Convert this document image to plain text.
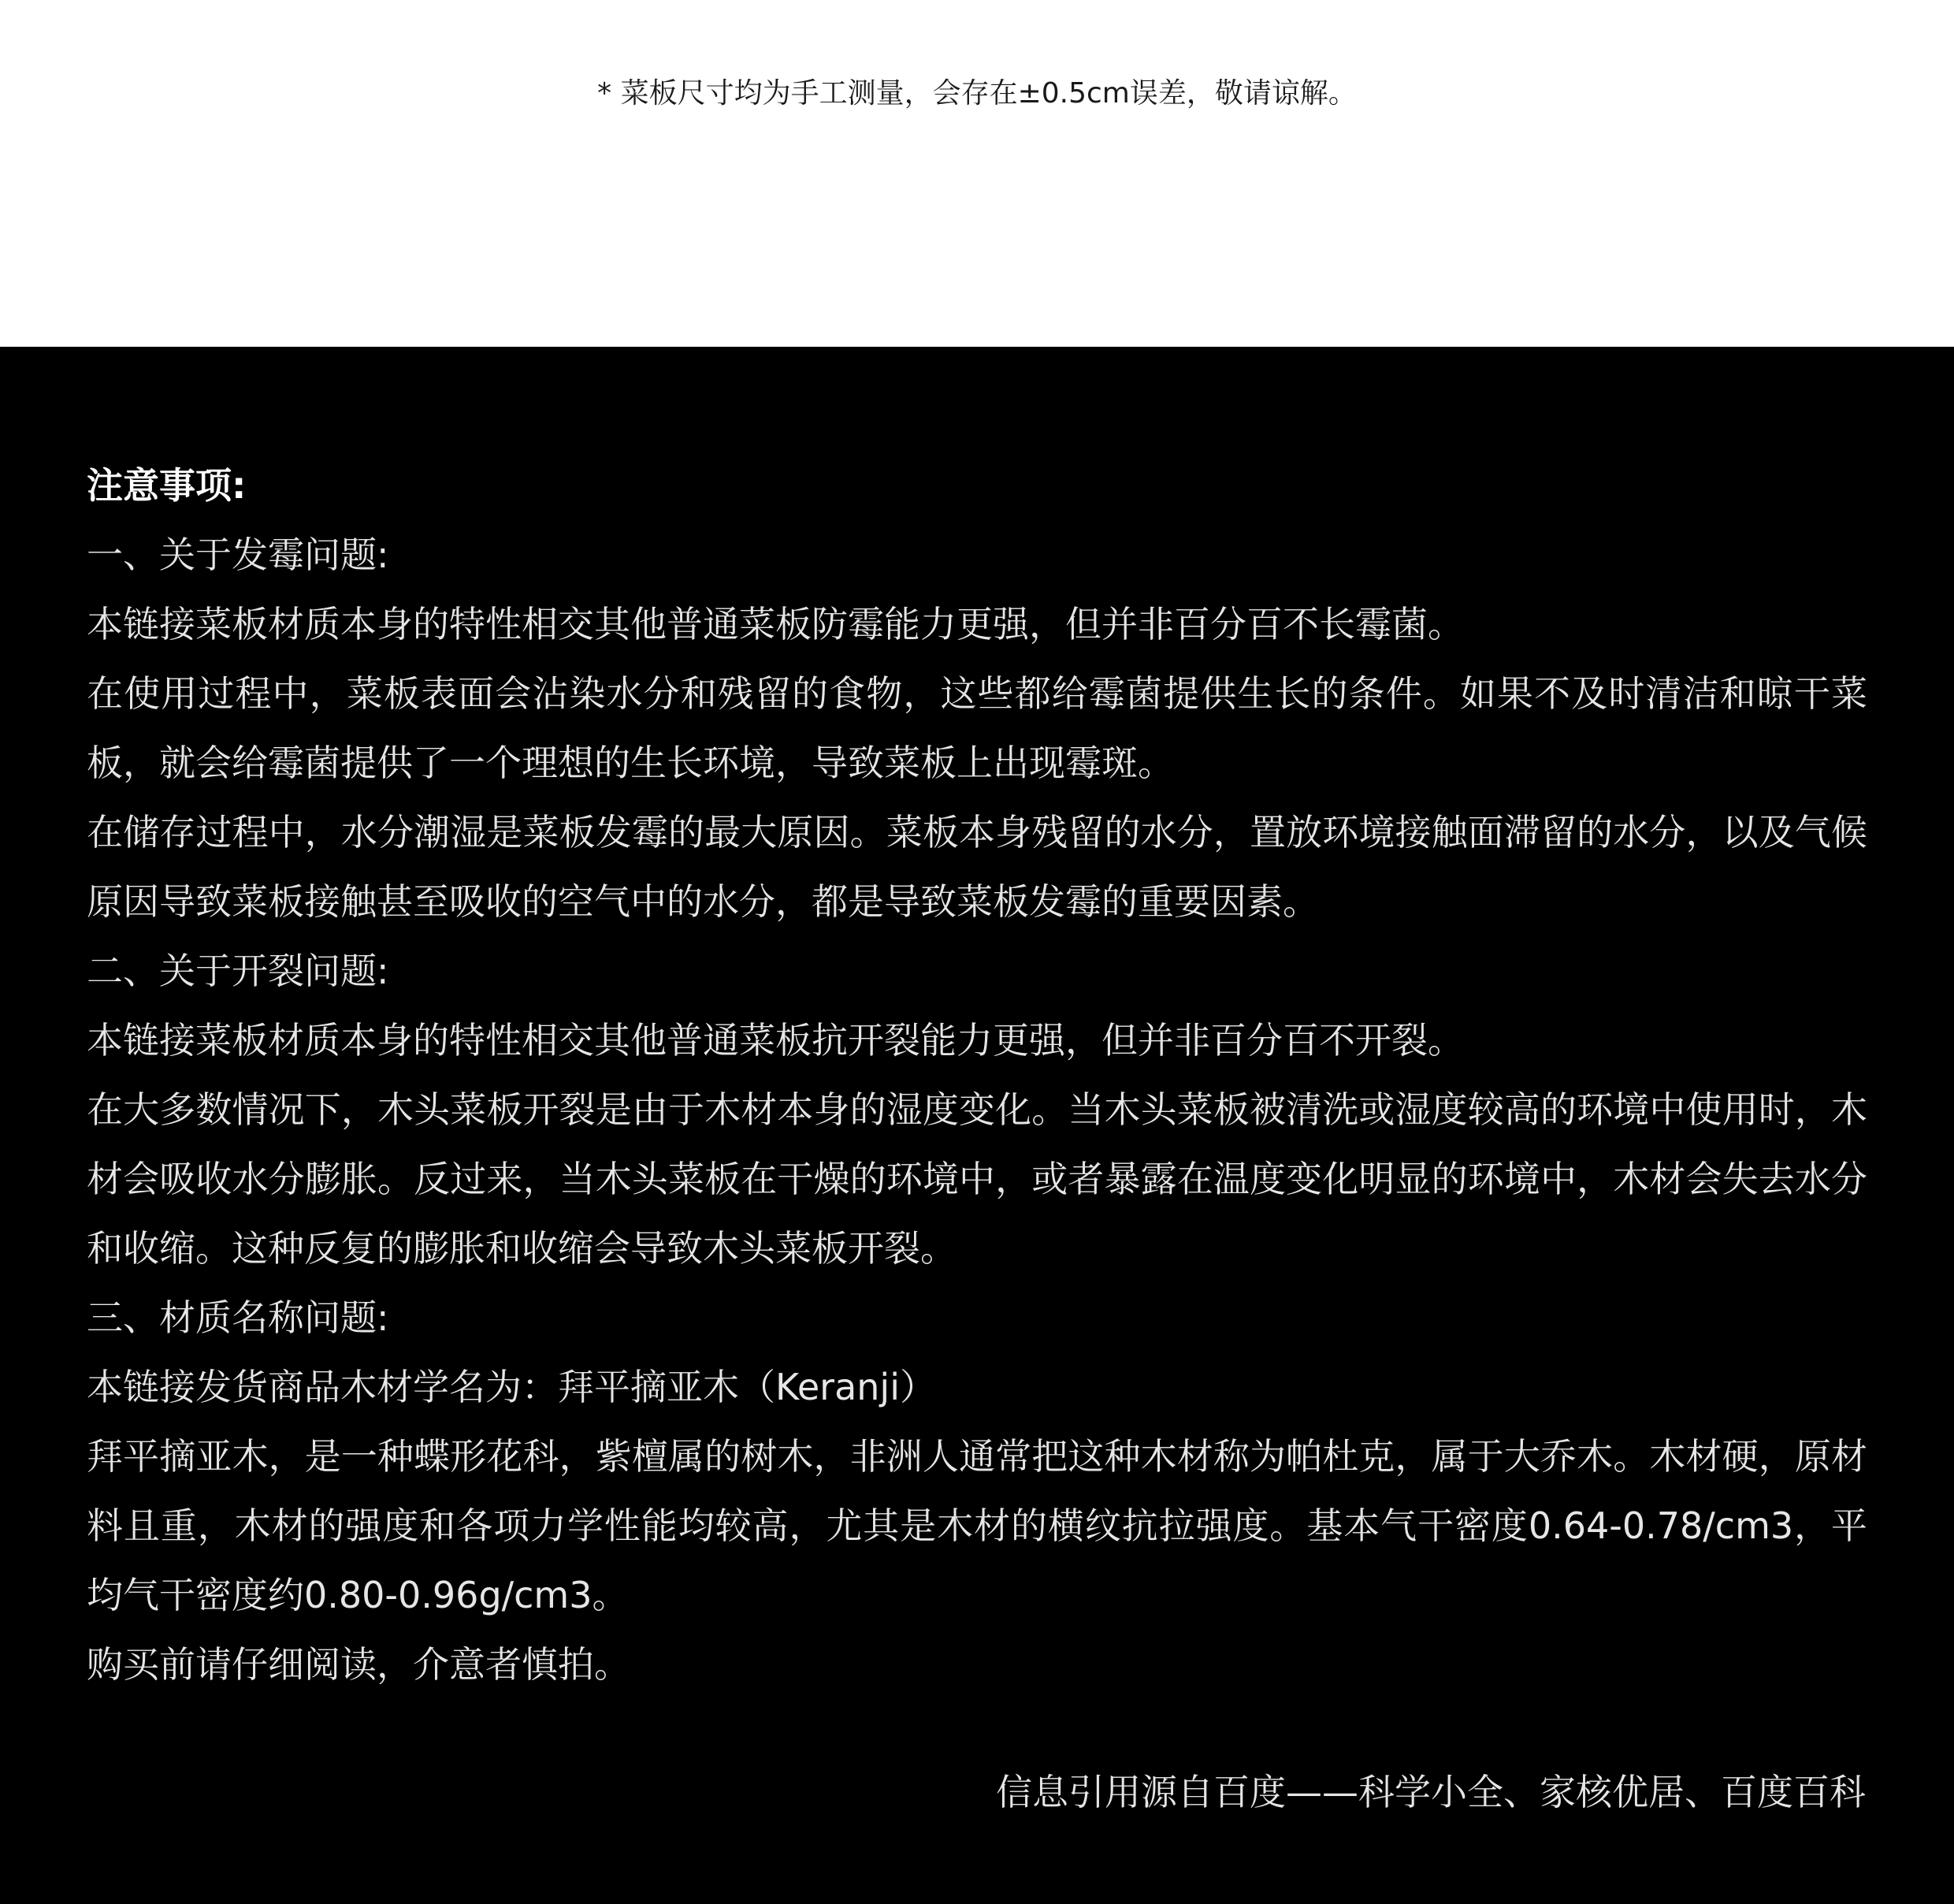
* 菜板尺寸均为手工测量，会存在±0.5cm误差，敬请谅解。
注意事项:
一、关于发霉问题:
本链接菜板材质本身的特性相交其他普通菜板防霉能力更强，但并非百分百不长霉菌。
在使用过程中，菜板表面会沾染水分和残留的食物，这些都给霉菌提供生长的条件。如果不及时清洁和晾干菜板，就会给霉菌提供了一个理想的生长环境，导致菜板上出现霉斑。
在储存过程中，水分潮湿是菜板发霉的最大原因。菜板本身残留的水分，置放环境接触面滞留的水分，以及气候原因导致菜板接触甚至吸收的空气中的水分，都是导致菜板发霉的重要因素。
二、关于开裂问题:
本链接菜板材质本身的特性相交其他普通菜板抗开裂能力更强，但并非百分百不开裂。
在大多数情况下，木头菜板开裂是由于木材本身的湿度变化。当木头菜板被清洗或湿度较高的环境中使用时，木材会吸收水分膨胀。反过来，当木头菜板在干燥的环境中，或者暴露在温度变化明显的环境中，木材会失去水分和收缩。这种反复的膨胀和收缩会导致木头菜板开裂。
三、材质名称问题:
本链接发货商品木材学名为：拜平摘亚木（Keranji）
拜平摘亚木，是一种蝶形花科，紫檀属的树木，非洲人通常把这种木材称为帕杜克，属于大乔木。木材硬，原材料且重，木材的强度和各项力学性能均较高，尤其是木材的横纹抗拉强度。基本气干密度0.64-0.78/cm3，平均气干密度约0.80-0.96g/cm3。
购买前请仔细阅读，介意者慎拍。
信息引用源自百度——科学小全、家核优居、百度百科
